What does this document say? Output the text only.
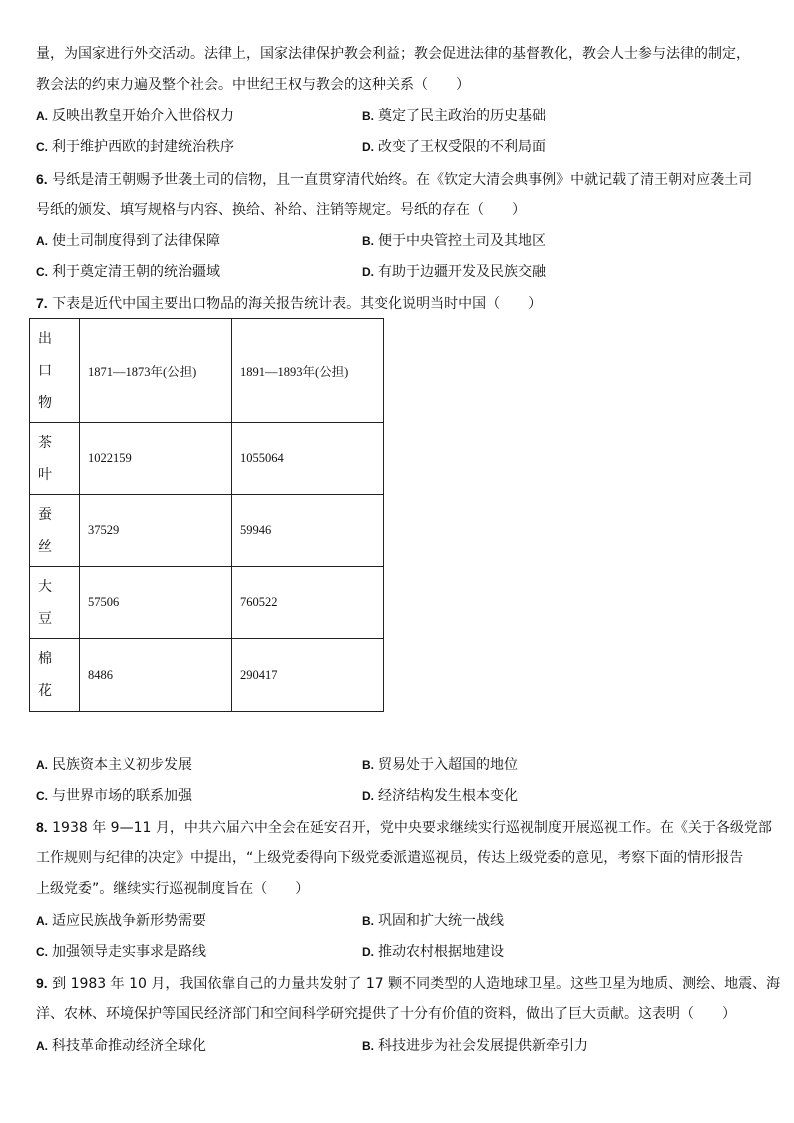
量，为国家进行外交活动。法律上，国家法律保护教会利益；教会促进法律的基督教化，教会人士参与法律的制定，
教会法的约束力遍及整个社会。中世纪王权与教会的这种关系（　　）
A. 反映出教皇开始介入世俗权力	B. 奠定了民主政治的历史基础
C. 利于维护西欧的封建统治秩序	D. 改变了王权受限的不利局面
6. 号纸是清王朝赐予世袭土司的信物，且一直贯穿清代始终。在《钦定大清会典事例》中就记载了清王朝对应袭土司
号纸的颁发、填写规格与内容、换给、补给、注销等规定。号纸的存在（　　）
A. 使土司制度得到了法律保障	B. 便于中央管控土司及其地区
C. 利于奠定清王朝的统治疆域	D. 有助于边疆开发及民族交融
7. 下表是近代中国主要出口物品的海关报告统计表。其变化说明当时中国（　　）
出口物	1871—1873年(公担)	1891—1893年(公担)

茶叶	1022159	1055064

蚕丝	37529	59946

大豆	57506	760522

棉花	8486	290417
A. 民族资本主义初步发展	B. 贸易处于入超国的地位
C. 与世界市场的联系加强	D. 经济结构发生根本变化
8. 1938 年 9—11 月，中共六届六中全会在延安召开，党中央要求继续实行巡视制度开展巡视工作。在《关于各级党部
工作规则与纪律的决定》中提出，“上级党委得向下级党委派遣巡视员，传达上级党委的意见，考察下面的情形报告
上级党委”。继续实行巡视制度旨在（　　）
A. 适应民族战争新形势需要	B. 巩固和扩大统一战线
C. 加强领导走实事求是路线	D. 推动农村根据地建设
9. 到 1983 年 10 月，我国依靠自己的力量共发射了 17 颗不同类型的人造地球卫星。这些卫星为地质、测绘、地震、海
洋、农林、环境保护等国民经济部门和空间科学研究提供了十分有价值的资料，做出了巨大贡献。这表明（　　）
A. 科技革命推动经济全球化	B. 科技进步为社会发展提供新牵引力
